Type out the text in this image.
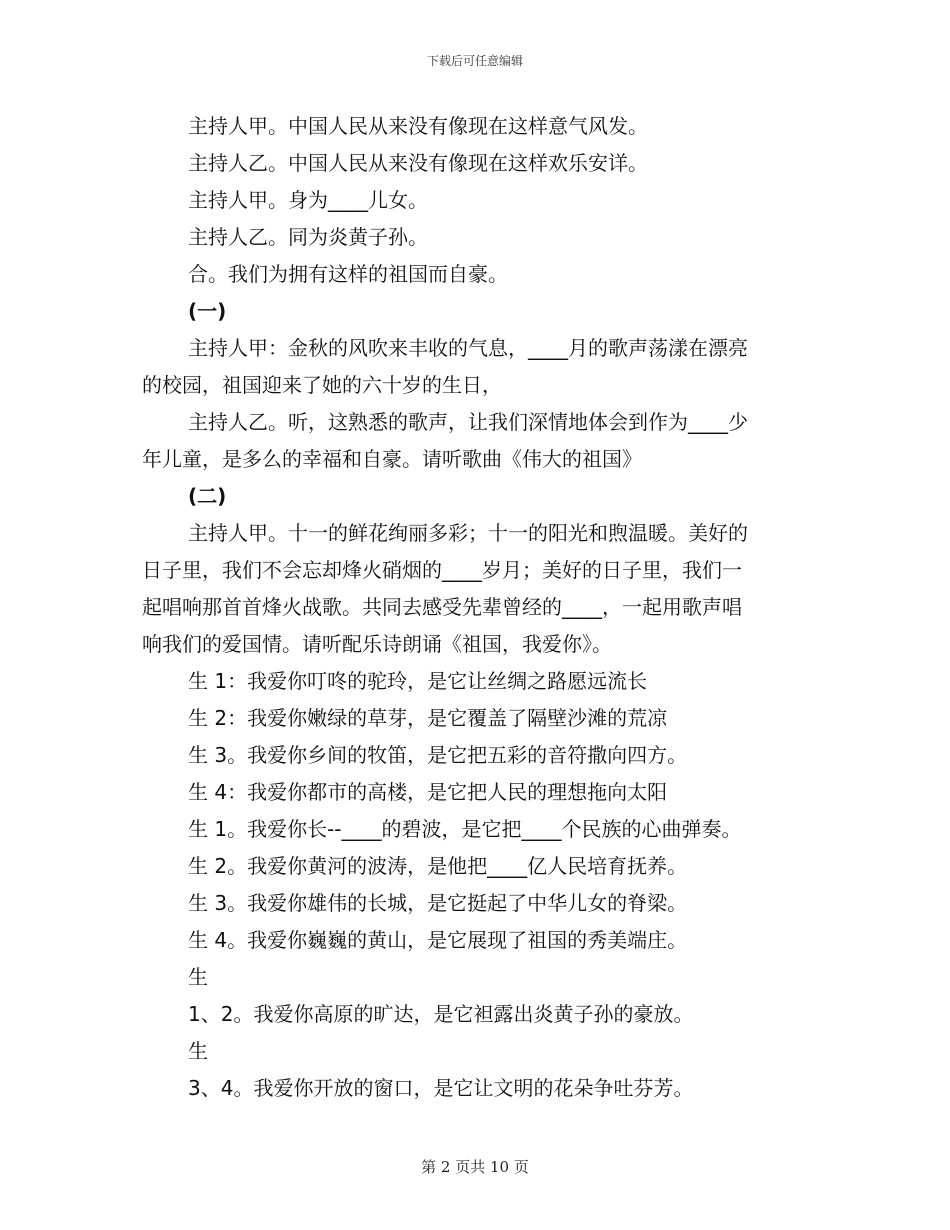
下载后可任意编辑

主持人甲。中国人民从来没有像现在这样意气风发。

主持人乙。中国人民从来没有像现在这样欢乐安详。

主持人甲。身为____儿女。

主持人乙。同为炎黄子孙。

合。我们为拥有这样的祖国而自豪。

(一)

主持人甲：金秋的风吹来丰收的气息，____月的歌声荡漾在漂亮

的校园，祖国迎来了她的六十岁的生日，

主持人乙。听，这熟悉的歌声，让我们深情地体会到作为____少

年儿童，是多么的幸福和自豪。请听歌曲《伟大的祖国》

(二)

主持人甲。十一的鲜花绚丽多彩；十一的阳光和煦温暖。美好的

日子里，我们不会忘却烽火硝烟的____岁月；美好的日子里，我们一

起唱响那首首烽火战歌。共同去感受先辈曾经的____，一起用歌声唱

响我们的爱国情。请听配乐诗朗诵《祖国，我爱你》。

生 1：我爱你叮咚的驼玲，是它让丝绸之路愿远流长

生 2：我爱你嫩绿的草芽，是它覆盖了隔壁沙滩的荒凉

生 3。我爱你乡间的牧笛，是它把五彩的音符撒向四方。

生 4：我爱你都市的高楼，是它把人民的理想拖向太阳

生 1。我爱你长--____的碧波，是它把____个民族的心曲弹奏。

生 2。我爱你黄河的波涛，是他把____亿人民培育抚养。

生 3。我爱你雄伟的长城，是它挺起了中华儿女的脊梁。

生 4。我爱你巍巍的黄山，是它展现了祖国的秀美端庄。

生

1、2。我爱你高原的旷达，是它袒露出炎黄子孙的豪放。

生

3、4。我爱你开放的窗口，是它让文明的花朵争吐芬芳。

第 2 页共 10 页
